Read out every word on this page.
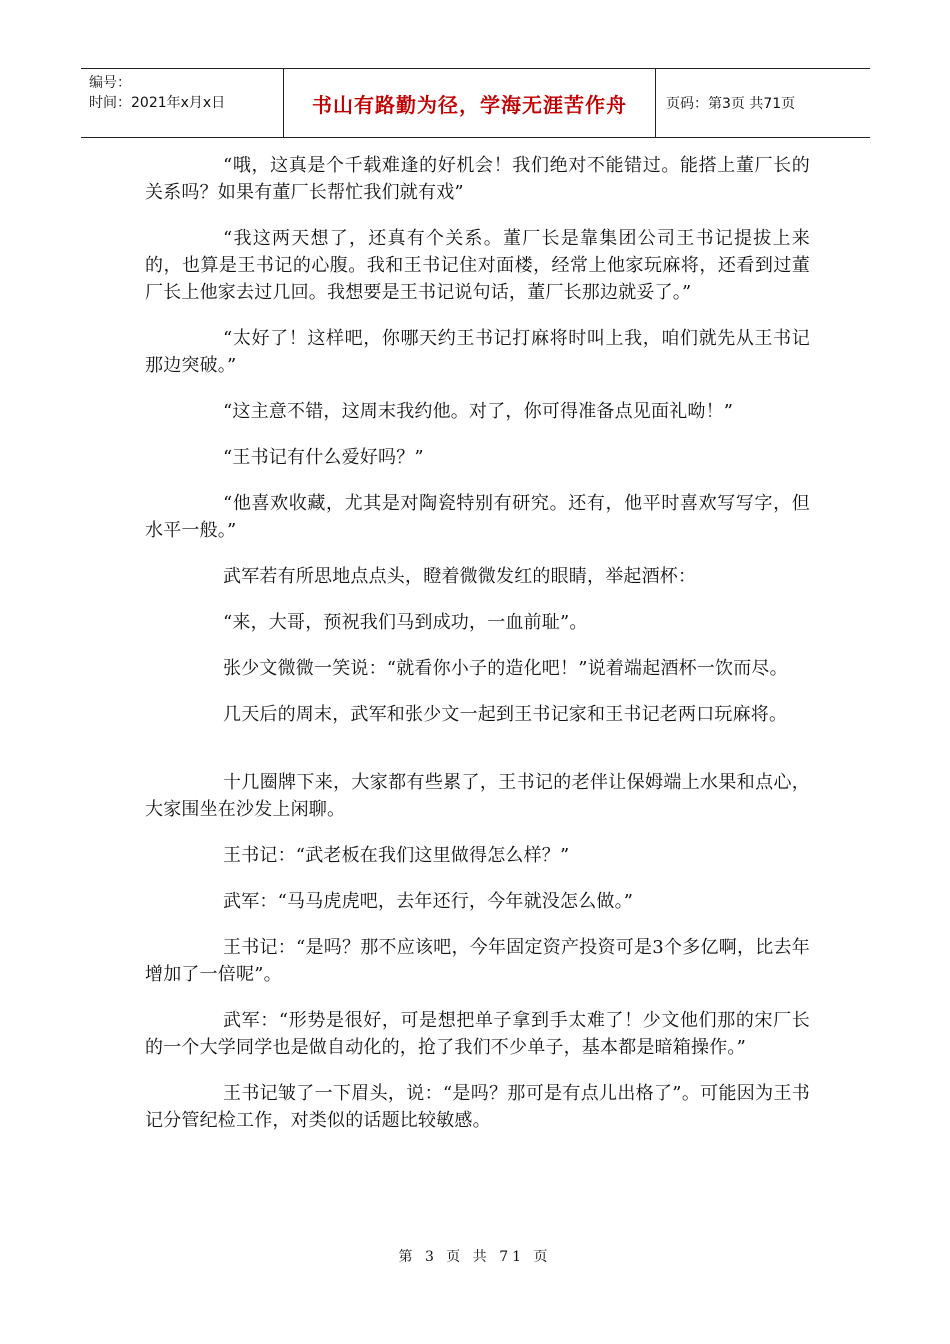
编号：
时间：2021年x月x日	书山有路勤为径，学海无涯苦作舟	页码：第3页 共71页

“哦，这真是个千载难逢的好机会！我们绝对不能错过。能搭上董厂长的关系吗？如果有董厂长帮忙我们就有戏”

“我这两天想了，还真有个关系。董厂长是靠集团公司王书记提拔上来的，也算是王书记的心腹。我和王书记住对面楼，经常上他家玩麻将，还看到过董厂长上他家去过几回。我想要是王书记说句话，董厂长那边就妥了。”

“太好了！这样吧，你哪天约王书记打麻将时叫上我，咱们就先从王书记那边突破。”

“这主意不错，这周末我约他。对了，你可得准备点见面礼呦！”

“王书记有什么爱好吗？”

“他喜欢收藏，尤其是对陶瓷特别有研究。还有，他平时喜欢写写字，但水平一般。”

武军若有所思地点点头，瞪着微微发红的眼睛，举起酒杯：

“来，大哥，预祝我们马到成功，一血前耻”。

张少文微微一笑说：“就看你小子的造化吧！”说着端起酒杯一饮而尽。

几天后的周末，武军和张少文一起到王书记家和王书记老两口玩麻将。

十几圈牌下来，大家都有些累了，王书记的老伴让保姆端上水果和点心，大家围坐在沙发上闲聊。

王书记：“武老板在我们这里做得怎么样？”

武军：“马马虎虎吧，去年还行，今年就没怎么做。”

王书记：“是吗？那不应该吧，今年固定资产投资可是3个多亿啊，比去年增加了一倍呢”。

武军：“形势是很好，可是想把单子拿到手太难了！少文他们那的宋厂长的一个大学同学也是做自动化的，抢了我们不少单子，基本都是暗箱操作。”

王书记皱了一下眉头，说：“是吗？那可是有点儿出格了”。可能因为王书记分管纪检工作，对类似的话题比较敏感。

第 3 页 共 71 页
